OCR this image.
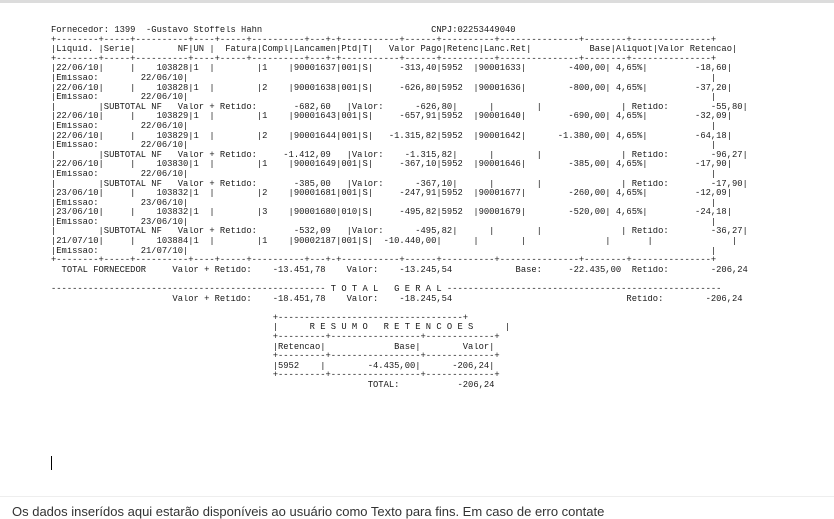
Fornecedor: 1399  -Gustavo Stoffels Hahn                                CNPJ:02253449040
+--------+-----+----------+----+-----+----------+---+-+-----------+------+----------+---------------+--------+---------------+
|Liquid. |Serie|        NF|UN |  Fatura|Compl|Lancamen|Ptd|T|   Valor Pago|Retenc|Lanc.Ret|           Base|Aliquot|Valor Retencao|
+--------+-----+----------+----+-----+----------+---+-+-----------+------+----------+---------------+--------+---------------+
|22/06/10|     |    103828|1  |        |1    |90001637|001|S|     -313,40|5952  |90001633|        -400,00| 4,65%|         -18,60|
|Emissao:        22/06/10|                                                                                                   |
|22/06/10|     |    103828|1  |        |2    |90001638|001|S|     -626,80|5952  |90001636|        -800,00| 4,65%|         -37,20|
|Emissao:        22/06/10|                                                                                                   |
|        |SUBTOTAL NF   Valor + Retido:       -682,60   |Valor:      -626,80|      |        |               | Retido:        -55,80|
|22/06/10|     |    103829|1  |        |1    |90001643|001|S|     -657,91|5952  |90001640|        -690,00| 4,65%|         -32,09|
|Emissao:        22/06/10|                                                                                                   |
|22/06/10|     |    103829|1  |        |2    |90001644|001|S|   -1.315,82|5952  |90001642|      -1.380,00| 4,65%|         -64,18|
|Emissao:        22/06/10|                                                                                                   |
|        |SUBTOTAL NF   Valor + Retido:     -1.412,09   |Valor:    -1.315,82|      |        |               | Retido:        -96,27|
|22/06/10|     |    103830|1  |        |1    |90001649|001|S|     -367,10|5952  |90001646|        -385,00| 4,65%|         -17,90|
|Emissao:        22/06/10|                                                                                                   |
|        |SUBTOTAL NF   Valor + Retido:       -385,00   |Valor:      -367,10|      |        |               | Retido:        -17,90|
|23/06/10|     |    103832|1  |        |2    |90001681|001|S|     -247,91|5952  |90001677|        -260,00| 4,65%|         -12,09|
|Emissao:        23/06/10|                                                                                                   |
|23/06/10|     |    103832|1  |        |3    |90001680|010|S|     -495,82|5952  |90001679|        -520,00| 4,65%|         -24,18|
|Emissao:        23/06/10|                                                                                                   |
|        |SUBTOTAL NF   Valor + Retido:       -532,09   |Valor:      -495,82|      |        |               | Retido:        -36,27|
|21/07/10|     |    103884|1  |        |1    |90002187|001|S|  -10.440,00|      |        |               |       |               |
|Emissao:        21/07/10|                                                                                                   |
+--------+-----+----------+----+-----+----------+---+-+-----------+------+----------+---------------+--------+---------------+
TOTAL FORNECEDOR     Valor + Retido:    -13.451,78    Valor:    -13.245,54            Base:     -22.435,00  Retido:        -206,24
---------------------------------------------------- T O T A L   G E R A L ----------------------------------------------------
Valor + Retido:    -18.451,78    Valor:    -18.245,54                                 Retido:        -206,24
+-----------------------------------+
|      R E S U M O   R E T E N C O E S      |
+---------+-----------------+-------------+
|Retencao|             Base|        Valor|
+---------+-----------------+-------------+
|5952    |        -4.435,00|      -206,24|
+---------+-----------------+-------------+
TOTAL:           -206,24
Os dados inserídos aqui estarão disponíveis ao usuário como Texto para fins. Em caso de erro contate
